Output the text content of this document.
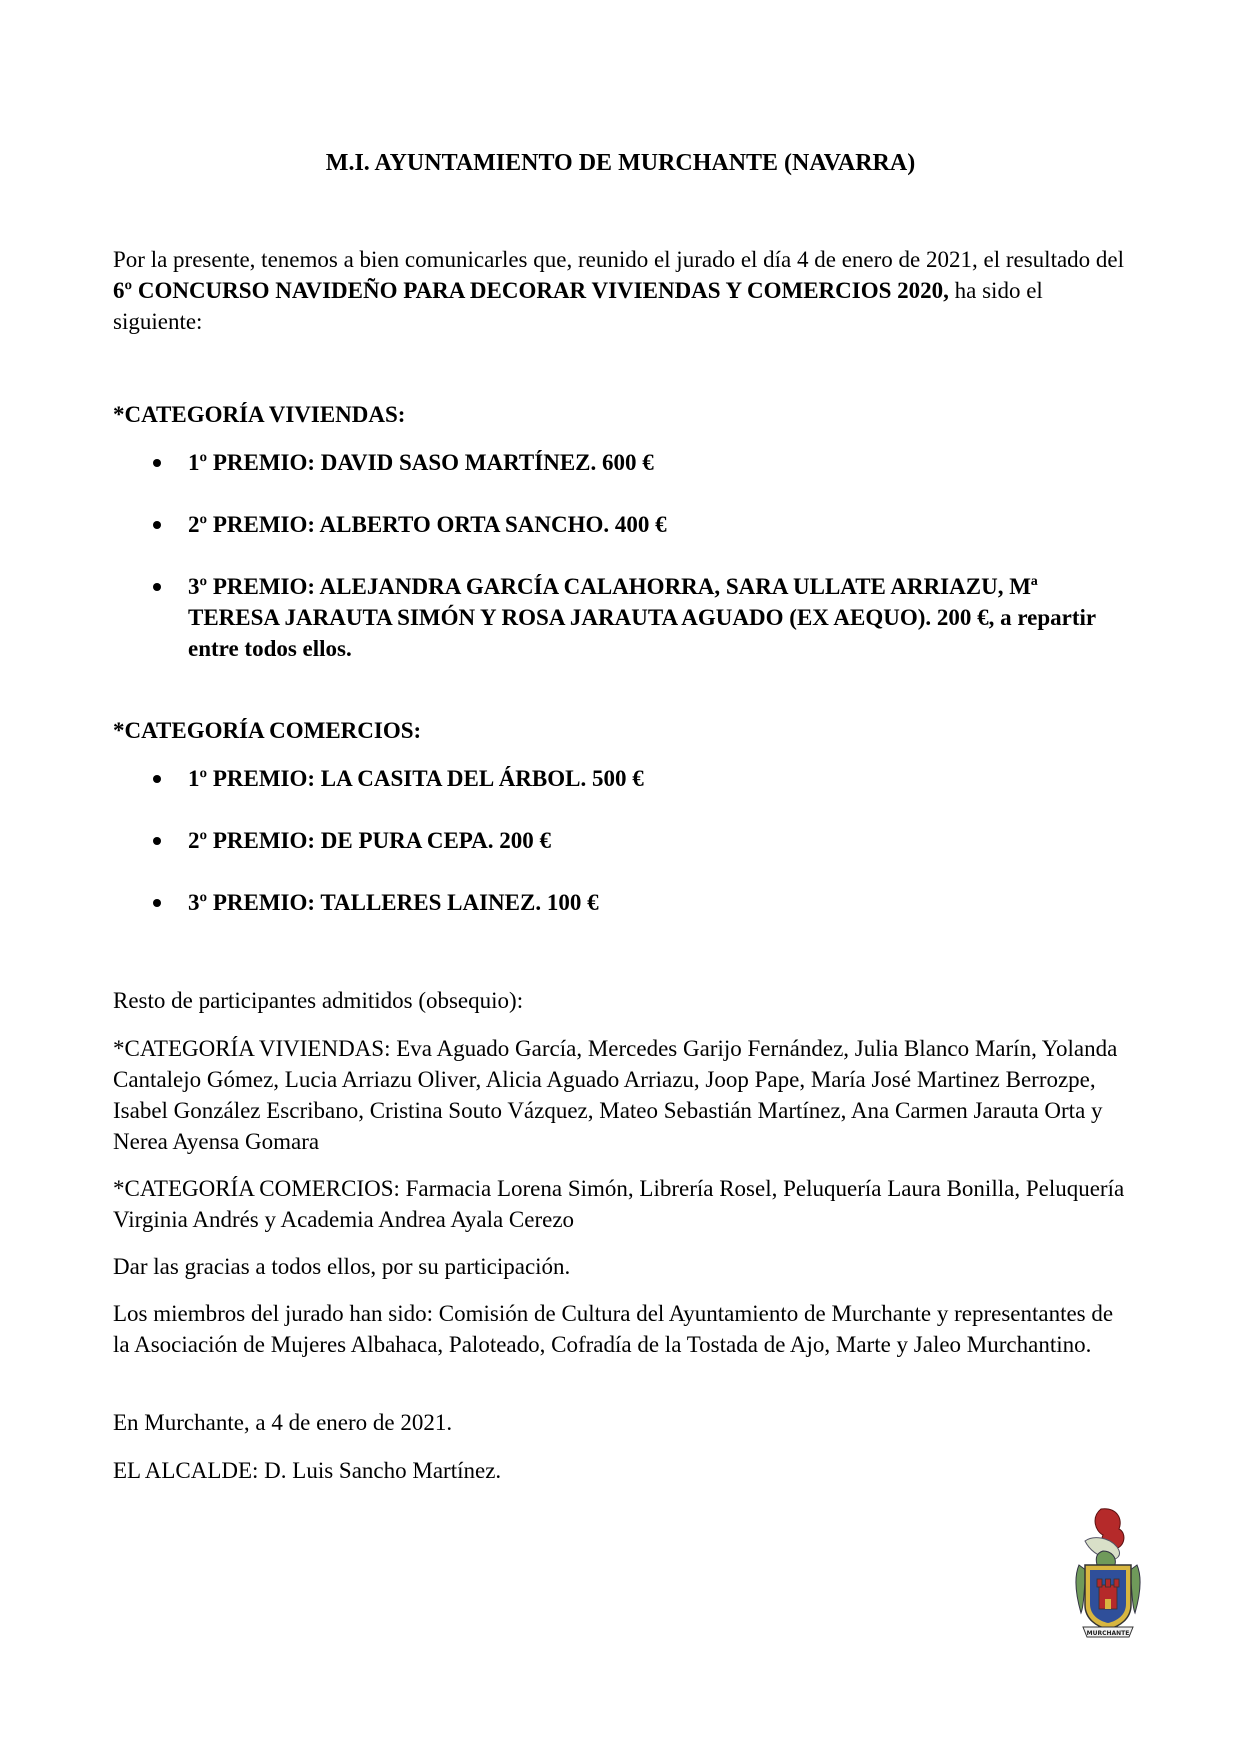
M.I. AYUNTAMIENTO DE MURCHANTE (NAVARRA)

Por la presente, tenemos a bien comunicarles que, reunido el jurado el día 4 de enero de 2021, el resultado del 6º CONCURSO NAVIDEÑO PARA DECORAR VIVIENDAS Y COMERCIOS 2020, ha sido el siguiente:

*CATEGORÍA VIVIENDAS:
1º PREMIO: DAVID SASO MARTÍNEZ. 600 €
2º PREMIO: ALBERTO ORTA SANCHO. 400 €
3º PREMIO: ALEJANDRA GARCÍA CALAHORRA, SARA ULLATE ARRIAZU, Mª TERESA JARAUTA SIMÓN Y ROSA JARAUTA AGUADO (EX AEQUO). 200 €, a repartir entre todos ellos.
*CATEGORÍA COMERCIOS:
1º PREMIO: LA CASITA DEL ÁRBOL. 500 €
2º PREMIO: DE PURA CEPA. 200 €
3º PREMIO: TALLERES LAINEZ. 100 €

Resto de participantes admitidos (obsequio):

*CATEGORÍA VIVIENDAS: Eva Aguado García, Mercedes Garijo Fernández, Julia Blanco Marín, Yolanda Cantalejo Gómez, Lucia Arriazu Oliver, Alicia Aguado Arriazu, Joop Pape, María José Martinez Berrozpe, Isabel González Escribano, Cristina Souto Vázquez, Mateo Sebastián Martínez, Ana Carmen Jarauta Orta y Nerea Ayensa Gomara

*CATEGORÍA COMERCIOS: Farmacia Lorena Simón, Librería Rosel, Peluquería Laura Bonilla, Peluquería Virginia Andrés y Academia Andrea Ayala Cerezo

Dar las gracias a todos ellos, por su participación.

Los miembros del jurado han sido: Comisión de Cultura del Ayuntamiento de Murchante y representantes de la Asociación de Mujeres Albahaca, Paloteado, Cofradía de la Tostada de Ajo, Marte y Jaleo Murchantino.

En Murchante, a 4 de enero de 2021.

EL ALCALDE: D. Luis Sancho Martínez.

MURCHANTE
